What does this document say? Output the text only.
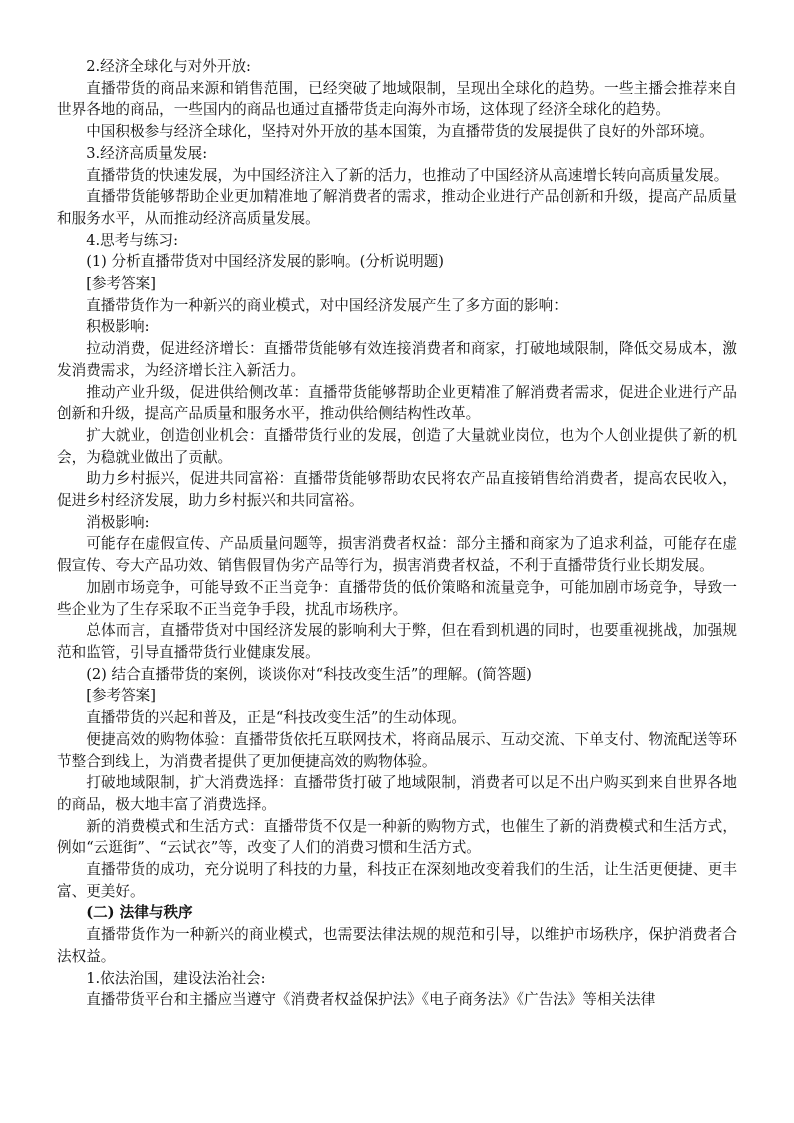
2.经济全球化与对外开放:

直播带货的商品来源和销售范围，已经突破了地域限制，呈现出全球化的趋势。一些主播会推荐来自世界各地的商品，一些国内的商品也通过直播带货走向海外市场，这体现了经济全球化的趋势。

中国积极参与经济全球化，坚持对外开放的基本国策，为直播带货的发展提供了良好的外部环境。

3.经济高质量发展:

直播带货的快速发展，为中国经济注入了新的活力，也推动了中国经济从高速增长转向高质量发展。

直播带货能够帮助企业更加精准地了解消费者的需求，推动企业进行产品创新和升级，提高产品质量和服务水平，从而推动经济高质量发展。

4.思考与练习:

(1) 分析直播带货对中国经济发展的影响。(分析说明题)

[参考答案]

直播带货作为一种新兴的商业模式，对中国经济发展产生了多方面的影响：

积极影响:

拉动消费，促进经济增长：直播带货能够有效连接消费者和商家，打破地域限制，降低交易成本，激发消费需求，为经济增长注入新活力。

推动产业升级，促进供给侧改革：直播带货能够帮助企业更精准了解消费者需求，促进企业进行产品创新和升级，提高产品质量和服务水平，推动供给侧结构性改革。

扩大就业，创造创业机会：直播带货行业的发展，创造了大量就业岗位，也为个人创业提供了新的机会，为稳就业做出了贡献。

助力乡村振兴，促进共同富裕：直播带货能够帮助农民将农产品直接销售给消费者，提高农民收入，促进乡村经济发展，助力乡村振兴和共同富裕。

消极影响:

可能存在虚假宣传、产品质量问题等，损害消费者权益：部分主播和商家为了追求利益，可能存在虚假宣传、夸大产品功效、销售假冒伪劣产品等行为，损害消费者权益，不利于直播带货行业长期发展。

加剧市场竞争，可能导致不正当竞争：直播带货的低价策略和流量竞争，可能加剧市场竞争，导致一些企业为了生存采取不正当竞争手段，扰乱市场秩序。

总体而言，直播带货对中国经济发展的影响利大于弊，但在看到机遇的同时，也要重视挑战，加强规范和监管，引导直播带货行业健康发展。

(2) 结合直播带货的案例，谈谈你对“科技改变生活”的理解。(简答题)

[参考答案]

直播带货的兴起和普及，正是“科技改变生活”的生动体现。

便捷高效的购物体验：直播带货依托互联网技术，将商品展示、互动交流、下单支付、物流配送等环节整合到线上，为消费者提供了更加便捷高效的购物体验。

打破地域限制，扩大消费选择：直播带货打破了地域限制，消费者可以足不出户购买到来自世界各地的商品，极大地丰富了消费选择。

新的消费模式和生活方式：直播带货不仅是一种新的购物方式，也催生了新的消费模式和生活方式，例如“云逛街”、“云试衣”等，改变了人们的消费习惯和生活方式。

直播带货的成功，充分说明了科技的力量，科技正在深刻地改变着我们的生活，让生活更便捷、更丰富、更美好。

(二) 法律与秩序

直播带货作为一种新兴的商业模式，也需要法律法规的规范和引导，以维护市场秩序，保护消费者合法权益。

1.依法治国，建设法治社会:

直播带货平台和主播应当遵守《消费者权益保护法》《电子商务法》《广告法》等相关法律
